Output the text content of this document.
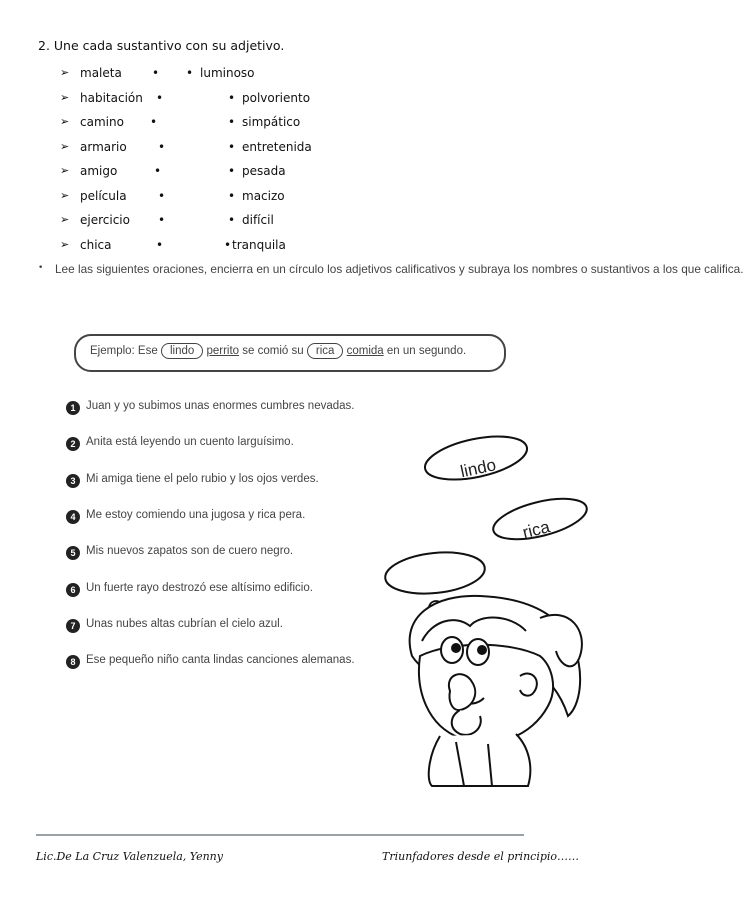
2. Une cada sustantivo con su adjetivo.
➢ maleta	• • luminoso
➢ habitación •	• polvoriento
➢ camino •	• simpático
➢ armario	•	• entretenida
➢ amigo	•	• pesada
➢ película	•	• macizo
➢ ejercicio •	• difícil
➢ chica	•	• tranquila
• Lee las siguientes oraciones, encierra en un círculo los adjetivos calificativos y subraya los nombres o sustantivos a los que califica.
Ejemplo: Ese lindo perrito se comió su rica comida en un segundo.
1 Juan y yo subimos unas enormes cumbres nevadas.
2 Anita está leyendo un cuento larguísimo.
3 Mi amiga tiene el pelo rubio y los ojos verdes.
4 Me estoy comiendo una jugosa y rica pera.
5 Mis nuevos zapatos son de cuero negro.
6 Un fuerte rayo destrozó ese altísimo edificio.
7 Unas nubes altas cubrían el cielo azul.
8 Ese pequeño niño canta lindas canciones alemanas.
lindo
rica
Lic.De La Cruz Valenzuela, Yenny	Triunfadores desde el principio……
